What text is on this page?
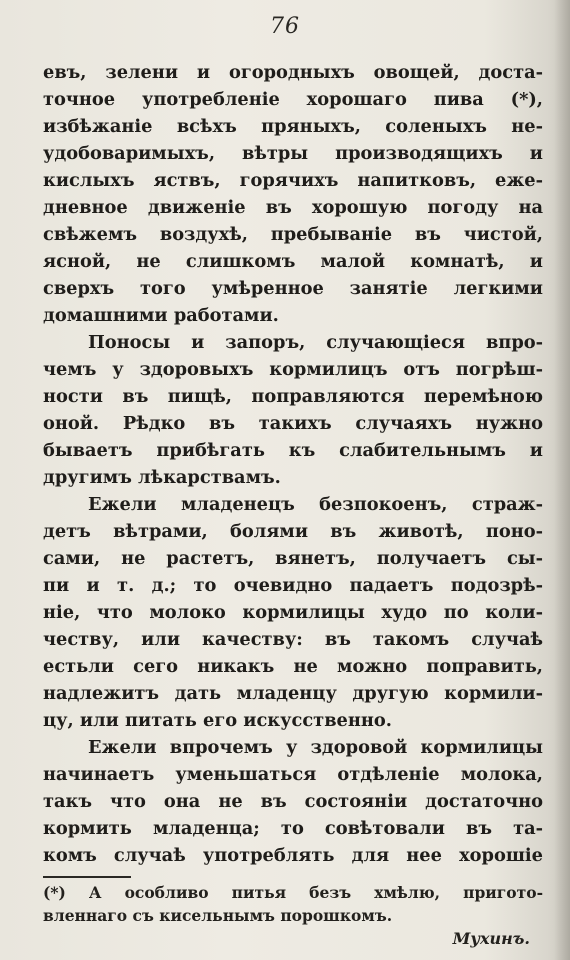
76
евъ, зелени и огородныхъ овощей, доста-
точное употребленіе хорошаго пива (*),
избѣжаніе всѣхъ пряныхъ, соленыхъ не-
удобоваримыхъ, вѣтры производящихъ и
кислыхъ яствъ, горячихъ напитковъ, еже-
дневное движеніе въ хорошую погоду на
свѣжемъ воздухѣ, пребываніе въ чистой,
ясной, не слишкомъ малой комнатѣ, и
сверхъ того умѣренное занятіе легкими
домашними работами.
Поносы и запоръ, случающіеся впро-
чемъ у здоровыхъ кормилицъ отъ погрѣш-
ности въ пищѣ, поправляются перемѣною
оной. Рѣдко въ такихъ случаяхъ нужно
бываетъ прибѣгать къ слабительнымъ и
другимъ лѣкарствамъ.
Ежели младенецъ безпокоенъ, страж-
детъ вѣтрами, болями въ животѣ, поно-
сами, не растетъ, вянетъ, получаетъ сы-
пи и т. д.; то очевидно падаетъ подозрѣ-
ніе, что молоко кормилицы худо по коли-
честву, или качеству: въ такомъ случаѣ
естьли сего никакъ не можно поправить,
надлежитъ дать младенцу другую кормили-
цу, или питать его искусственно.
Ежели впрочемъ у здоровой кормилицы
начинаетъ уменьшаться отдѣленіе молока,
такъ что она не въ состояніи достаточно
кормить младенца; то совѣтовали въ та-
комъ случаѣ употреблять для нее хорошіе
(*) А особливо питья безъ хмѣлю, пригото-
вленнаго съ кисельнымъ порошкомъ.
Мухинъ.
